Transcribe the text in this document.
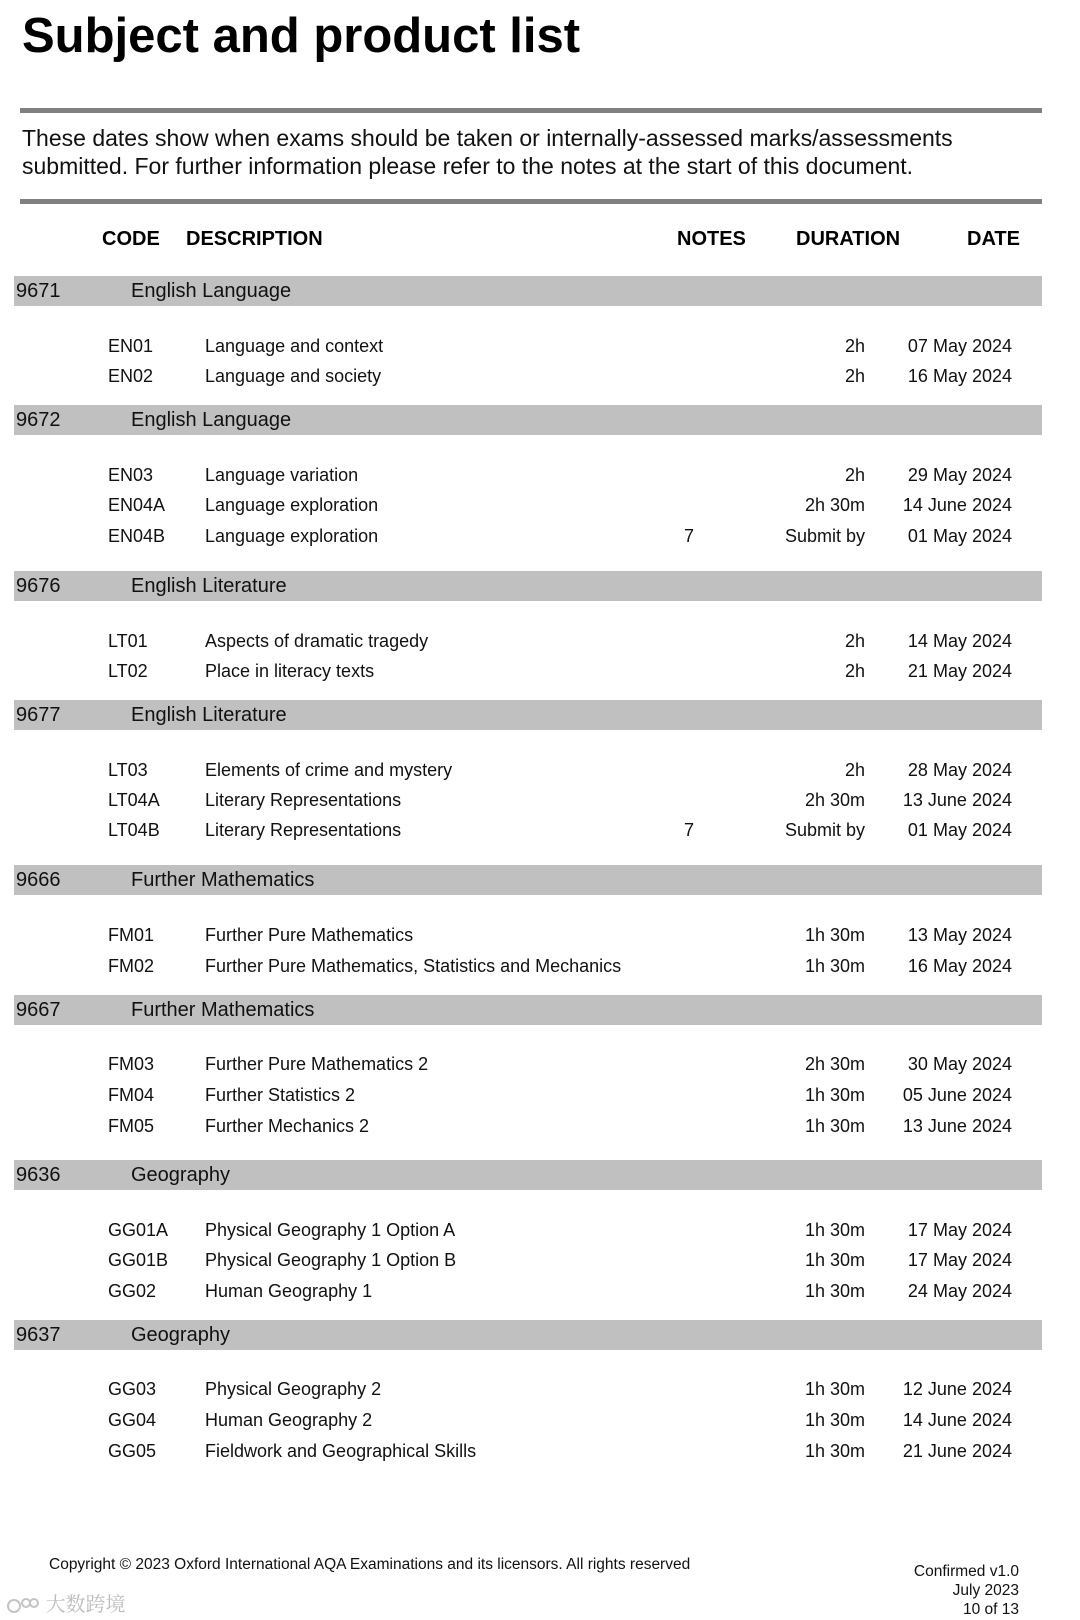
Subject and product list
These dates show when exams should be taken or internally-assessed marks/assessments submitted. For further information please refer to the notes at the start of this document.
CODE DESCRIPTION	NOTES	DURATION	DATE
9671	English Language
EN01	Language and context	2h 07 May 2024
EN02	Language and society	2h 16 May 2024
9672	English Language
EN03	Language variation	2h 29 May 2024
EN04A Language exploration	2h 30m 14 June 2024
EN04B Language exploration	7	Submit by 01 May 2024
9676	English Literature
LT01	Aspects of dramatic tragedy	2h 14 May 2024
LT02	Place in literacy texts	2h 21 May 2024
9677	English Literature
LT03	Elements of crime and mystery	2h 28 May 2024
LT04A	Literary Representations	2h 30m 13 June 2024
LT04B	Literary Representations	7	Submit by 01 May 2024
9666	Further Mathematics
FM01	Further Pure Mathematics	1h 30m 13 May 2024
FM02	Further Pure Mathematics, Statistics and Mechanics	1h 30m 16 May 2024
9667	Further Mathematics
FM03	Further Pure Mathematics 2	2h 30m 30 May 2024
FM04	Further Statistics 2	1h 30m 05 June 2024
FM05	Further Mechanics 2	1h 30m 13 June 2024
9636	Geography
GG01A Physical Geography 1 Option A	1h 30m 17 May 2024
GG01B Physical Geography 1 Option B	1h 30m 17 May 2024
GG02	Human Geography 1	1h 30m 24 May 2024
9637	Geography
GG03	Physical Geography 2	1h 30m 12 June 2024
GG04	Human Geography 2	1h 30m 14 June 2024
GG05	Fieldwork and Geographical Skills	1h 30m 21 June 2024
Copyright © 2023 Oxford International AQA Examinations and its licensors. All rights reserved	Confirmed v1.0
July 2023
10 of 13
大数跨境
